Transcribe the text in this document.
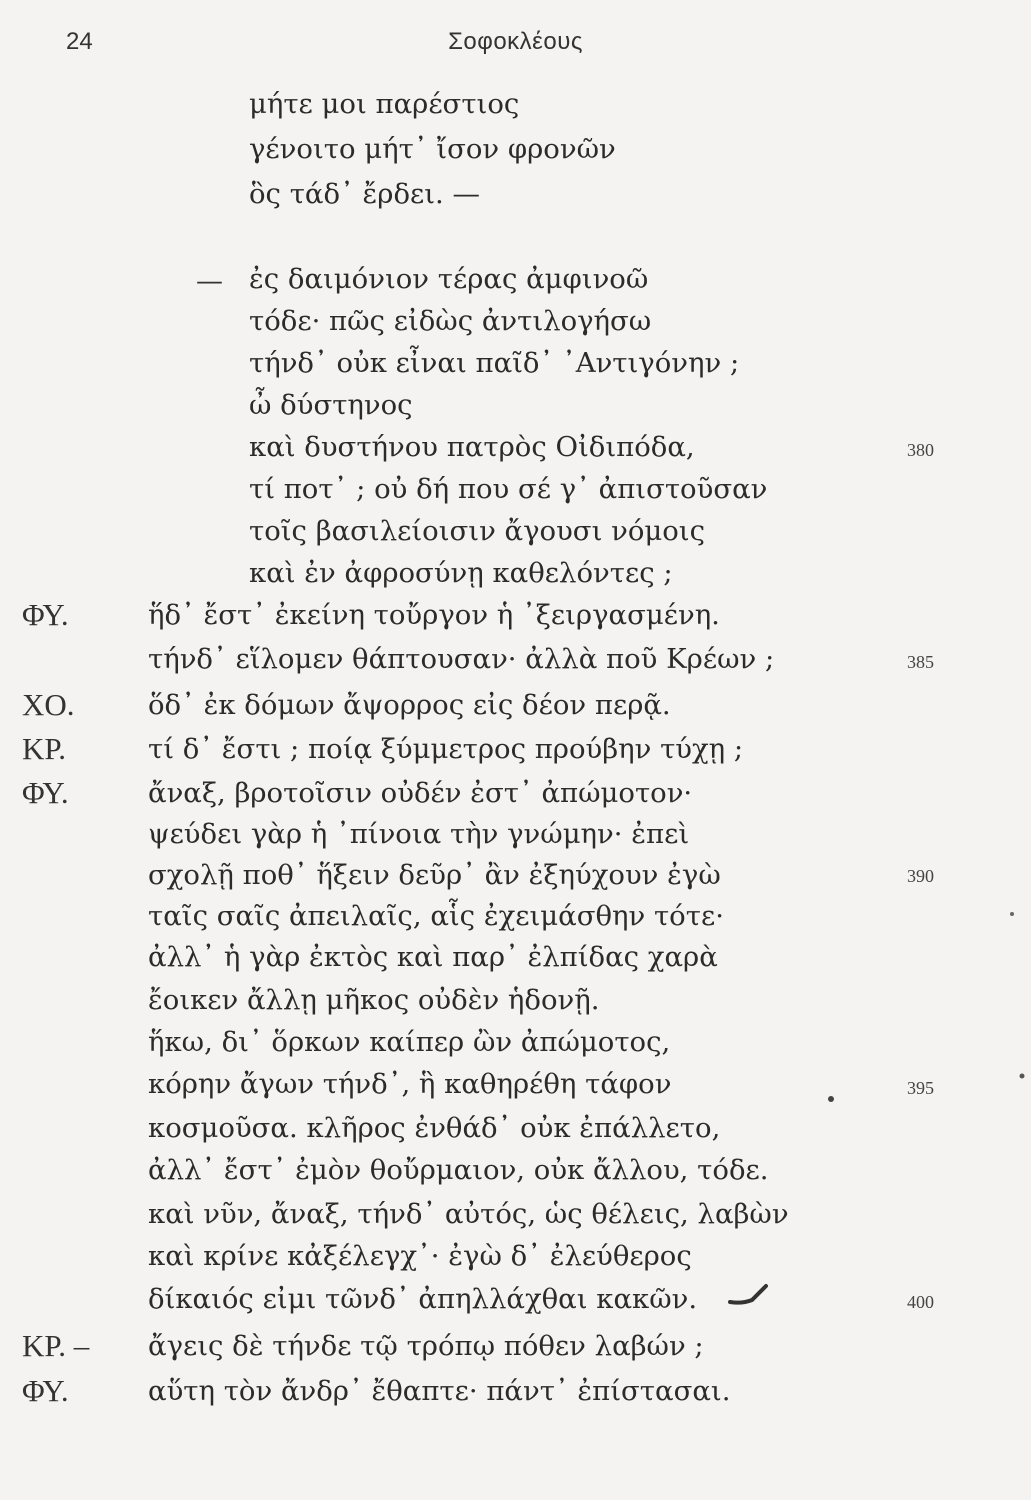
24	Σοφοκλέους
μήτε μοι παρέστιος
γένοιτο μήτ᾽ ἴσον φρονῶν
ὃς τάδ᾽ ἔρδει. —
— ἐς δαιμόνιον τέρας ἀμφινοῶ
τόδε· πῶς εἰδὼς ἀντιλογήσω
τήνδ᾽ οὐκ εἶναι παῖδ᾽ ᾽Αντιγόνην ;
ὦ δύστηνος
καὶ δυστήνου πατρὸς Οἰδιπόδα,
τί ποτ᾽ ; οὐ δή που σέ γ᾽ ἀπιστοῦσαν
τοῖς βασιλείοισιν ἄγουσι νόμοις
καὶ ἐν ἀφροσύνῃ καθελόντες ;
ΦΥ.	ἥδ᾽ ἔστ᾽ ἐκείνη τοὔργον ἡ ᾽ξειργασμένη.
τήνδ᾽ εἵλομεν θάπτουσαν· ἀλλὰ ποῦ Κρέων ;
ΧΟ.	ὅδ᾽ ἐκ δόμων ἄψορρος εἰς δέον περᾷ.
ΚΡ.	τί δ᾽ ἔστι ; ποίᾳ ξύμμετρος προύβην τύχῃ ;
ΦΥ.	ἄναξ, βροτοῖσιν οὐδέν ἐστ᾽ ἀπώμοτον·
ψεύδει γὰρ ἡ ᾽πίνοια τὴν γνώμην· ἐπεὶ
σχολῇ ποθ᾽ ἥξειν δεῦρ᾽ ἂν ἐξηύχουν ἐγὼ
ταῖς σαῖς ἀπειλαῖς, αἷς ἐχειμάσθην τότε·
ἀλλ᾽ ἡ γὰρ ἐκτὸς καὶ παρ᾽ ἐλπίδας χαρὰ
ἔοικεν ἄλλῃ μῆκος οὐδὲν ἡδονῇ.
ἥκω, δι᾽ ὅρκων καίπερ ὢν ἀπώμοτος,
κόρην ἄγων τήνδ᾽, ἣ καθηρέθη τάφον
κοσμοῦσα. κλῆρος ἐνθάδ᾽ οὐκ ἐπάλλετο,
ἀλλ᾽ ἔστ᾽ ἐμὸν θοὔρμαιον, οὐκ ἄλλου, τόδε.
καὶ νῦν, ἄναξ, τήνδ᾽ αὐτός, ὡς θέλεις, λαβὼν
καὶ κρίνε κἀξέλεγχ᾽· ἐγὼ δ᾽ ἐλεύθερος
δίκαιός εἰμι τῶνδ᾽ ἀπηλλάχθαι κακῶν.
ΚΡ. – ἄγεις δὲ τήνδε τῷ τρόπῳ πόθεν λαβών ;
ΦΥ.	αὕτη τὸν ἄνδρ᾽ ἔθαπτε· πάντ᾽ ἐπίστασαι.
380
385
390
395
400
